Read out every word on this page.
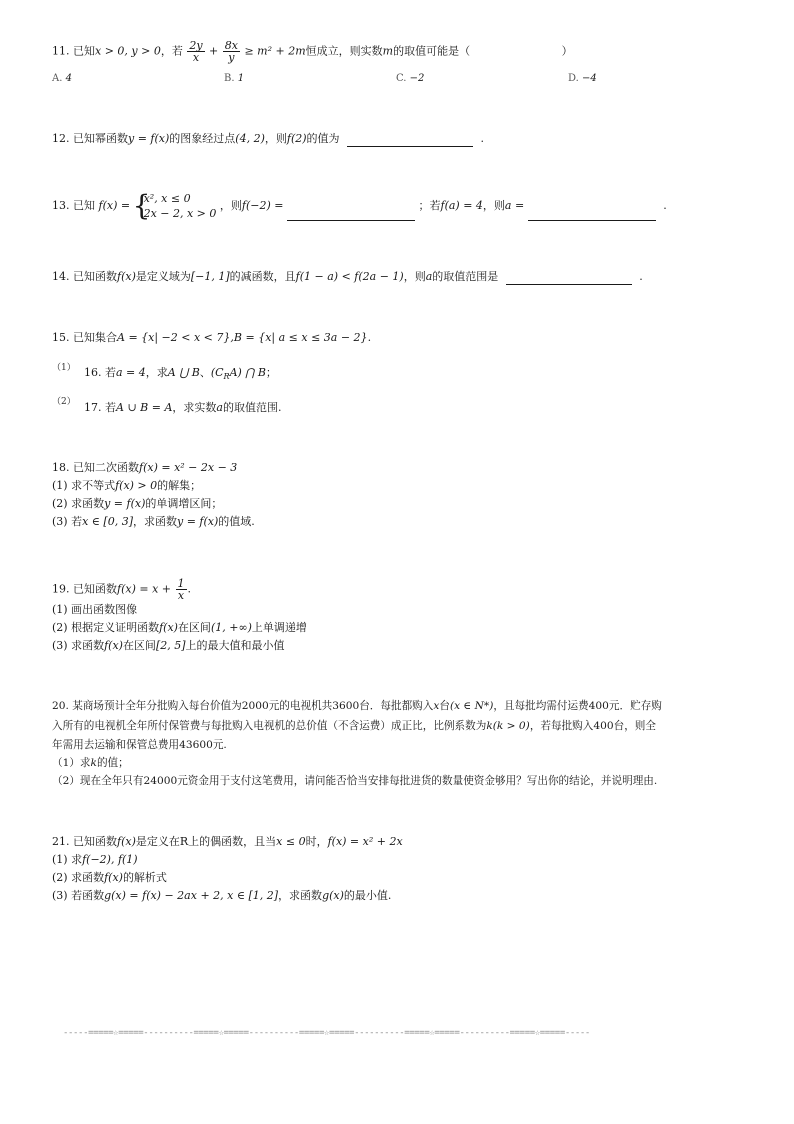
11. 已知x > 0, y > 0，若 $\frac{2y}{x} + \frac{8x}{y} \ge m^2 + 2m$恒成立，则实数m的取值可能是（	）
A. 4	B. 1	C. −2	D. −4
12. 已知幂函数y = f(x)的图象经过点(4, 2)，则f(2)的值为	.
13. 已知 f(x) = {
x², x ≤ 0
2x − 2, x > 0
，则f(−2) =	；若f(a) = 4，则a =	.
14. 已知函数f(x)是定义域为[−1, 1]的减函数，且f(1 − a) < f(2a − 1)，则a的取值范围是	.
15. 已知集合A = {x| −2 < x < 7},B = {x| a ≤ x ≤ 3a − 2}.
（1） 16. 若a = 4，求A ⋃ B、$(C_RA)$ ⋂ B；
（2） 17. 若A ∪ B = A，求实数a的取值范围.
18. 已知二次函数f(x) = x² − 2x − 3
(1) 求不等式f(x) > 0的解集；
(2) 求函数y = f(x)的单调增区间；
(3) 若x ∈ [0, 3]，求函数y = f(x)的值域.
19. 已知函数$f(x) = x + \frac{1}{x}$ .
(1) 画出函数图像
(2) 根据定义证明函数f(x)在区间(1, +∞)上单调递增
(3) 求函数f(x)在区间[2, 5]上的最大值和最小值
20. 某商场预计全年分批购入每台价值为2000元的电视机共3600台．每批都购入x台(x ∈ N*)，且每批均需付运费400元．贮存购
入所有的电视机全年所付保管费与每批购入电视机的总价值（不含运费）成正比，比例系数为k(k > 0)，若每批购入400台，则全
年需用去运输和保管总费用43600元.
（1）求k的值；
（2）现在全年只有24000元资金用于支付这笔费用，请问能否恰当安排每批进货的数量使资金够用？写出你的结论，并说明理由.
21. 已知函数f(x)是定义在R上的偶函数，且当x ≤ 0时，f(x) = x² + 2x
(1) 求f(−2), f(1)
(2) 求函数f(x)的解析式
(3) 若函数g(x) = f(x) − 2ax + 2, x ∈ [1, 2]，求函数g(x)的最小值.
-----=====☆=====----------=====☆=====----------=====☆=====----------=====☆=====----------=====☆=====-----
